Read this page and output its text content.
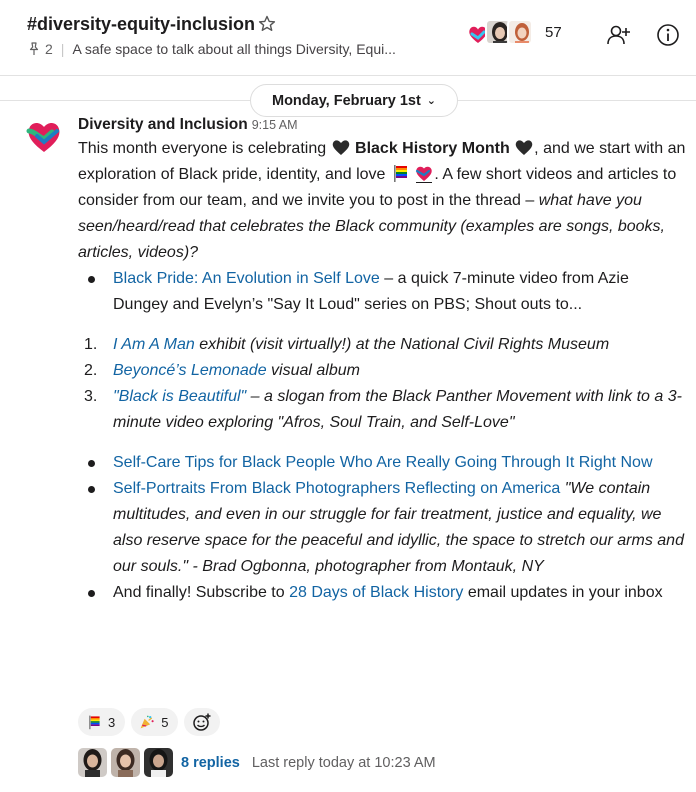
#diversity-equity-inclusion
2 | A safe space to talk about all things Diversity, Equi...
57
Monday, February 1st ⌄
Diversity and Inclusion 9:15 AM
This month everyone is celebrating  Black History Month , and we start with an exploration of Black pride, identity, and love	. A few short videos and articles to consider from our team, and we invite you to post in the thread – what have you seen/heard/read that celebrates the Black community (examples are songs, books, articles, videos)?
Black Pride: An Evolution in Self Love – a quick 7-minute video from Azie Dungey and Evelyn’s "Say It Loud" series on PBS; Shout outs to...
1. I Am A Man exhibit (visit virtually!) at the National Civil Rights Museum
2. Beyoncé’s Lemonade visual album
3. "Black is Beautiful" – a slogan from the Black Panther Movement with link to a 3-minute video exploring "Afros, Soul Train, and Self-Love"
Self-Care Tips for Black People Who Are Really Going Through It Right Now
Self-Portraits From Black Photographers Reflecting on America "We contain multitudes, and even in our struggle for fair treatment, justice and equality, we also reserve space for the peaceful and idyllic, the space to stretch our arms and our souls." - Brad Ogbonna, photographer from Montauk, NY
And finally! Subscribe to 28 Days of Black History email updates in your inbox
3	5
8 replies Last reply today at 10:23 AM
